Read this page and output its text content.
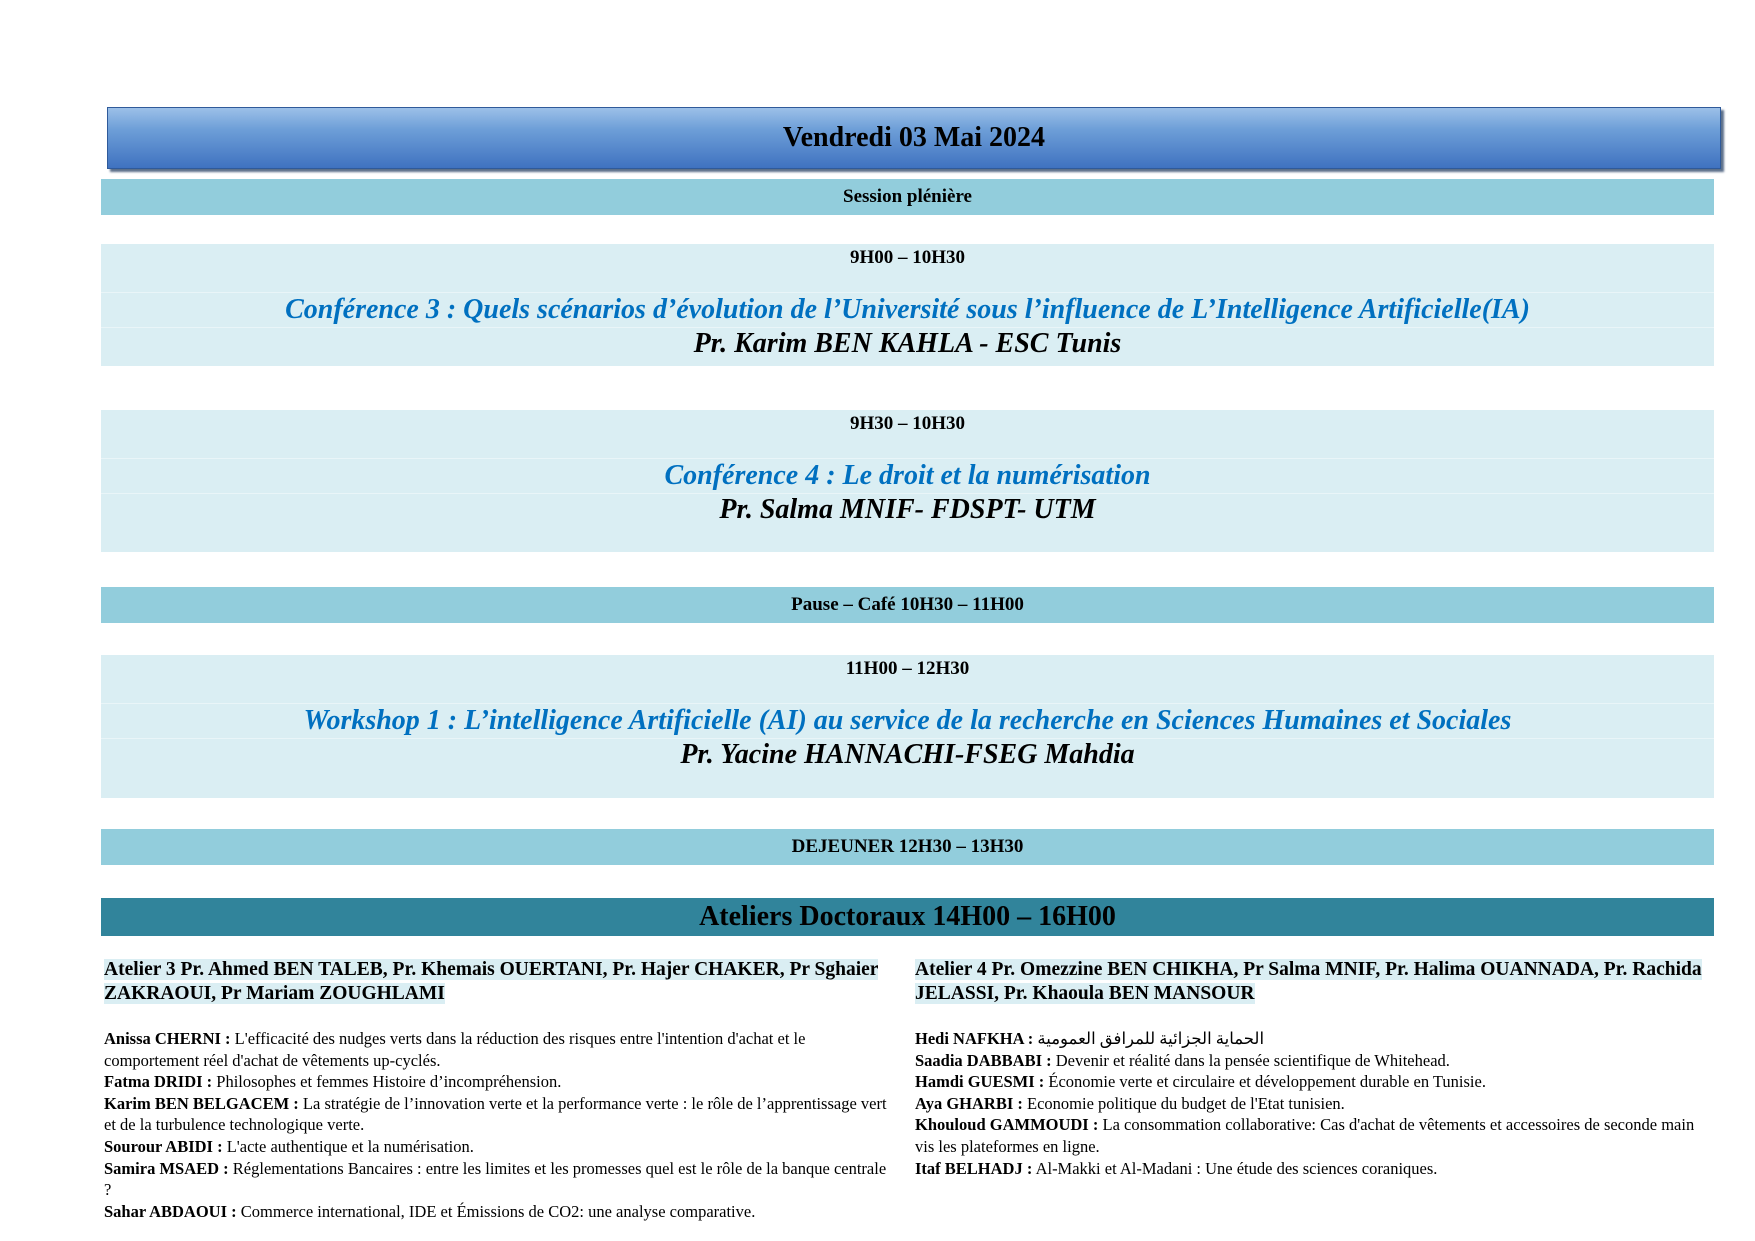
Vendredi 03 Mai 2024
Session plénière
9H00 – 10H30
Conférence 3 : Quels scénarios d’évolution de l’Université sous l’influence de L’Intelligence Artificielle(IA)
Pr. Karim BEN KAHLA - ESC Tunis
9H30 – 10H30
Conférence 4 : Le droit et la numérisation
Pr. Salma MNIF- FDSPT- UTM
Pause – Café 10H30 – 11H00
11H00 – 12H30
Workshop 1 : L’intelligence Artificielle (AI) au service de la recherche en Sciences Humaines et Sociales
Pr. Yacine HANNACHI-FSEG Mahdia
DEJEUNER 12H30 – 13H30
Ateliers Doctoraux 14H00 – 16H00
Atelier 3 Pr. Ahmed BEN TALEB, Pr. Khemais OUERTANI, Pr. Hajer CHAKER, Pr Sghaier ZAKRAOUI, Pr Mariam ZOUGHLAMI

Anissa CHERNI : L'efficacité des nudges verts dans la réduction des risques entre l'intention d'achat et le comportement réel d'achat de vêtements up-cyclés.

Fatma DRIDI : Philosophes et femmes Histoire d’incompréhension.

Karim BEN BELGACEM : La stratégie de l’innovation verte et la performance verte : le rôle de l’apprentissage vert et de la turbulence technologique verte.

Sourour ABIDI : L'acte authentique et la numérisation.

Samira MSAED : Réglementations Bancaires : entre les limites et les promesses quel est le rôle de la banque centrale ?

Sahar ABDAOUI : Commerce international, IDE et Émissions de CO2: une analyse comparative.

Atelier 4 Pr. Omezzine BEN CHIKHA, Pr Salma MNIF, Pr. Halima OUANNADA, Pr. Rachida JELASSI, Pr. Khaoula BEN MANSOUR

Hedi NAFKHA : الحماية الجزائية للمرافق العمومية

Saadia DABBABI : Devenir et réalité dans la pensée scientifique de Whitehead.

Hamdi GUESMI : Économie verte et circulaire et développement durable en Tunisie.

Aya GHARBI : Economie politique du budget de l'Etat tunisien.

Khouloud GAMMOUDI : La consommation collaborative: Cas d'achat de vêtements et accessoires de seconde main vis les plateformes en ligne.

Itaf BELHADJ : Al-Makki et Al-Madani : Une étude des sciences coraniques.
